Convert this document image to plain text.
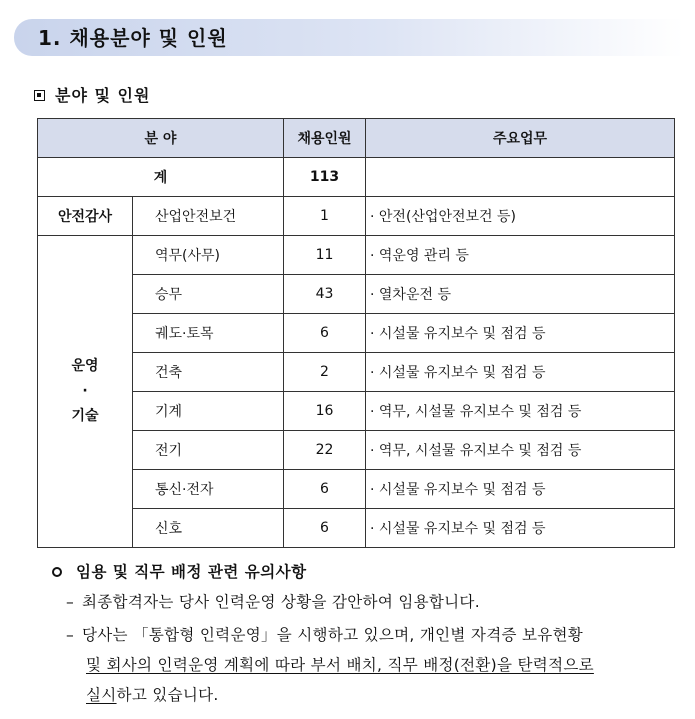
1. 채용분야 및 인원
분야 및 인원
분 야		채용인원	주요업무
계		113	
안전감사	산업안전보건	1	· 안전(산업안전보건 등)

운영
·
기술	역무(사무)	11	· 역운영 관리 등
	승무	43	· 열차운전 등
	궤도·토목	6	· 시설물 유지보수 및 점검 등
	건축	2	· 시설물 유지보수 및 점검 등
	기계	16	· 역무, 시설물 유지보수 및 점검 등
	전기	22	· 역무, 시설물 유지보수 및 점검 등
	통신·전자	6	· 시설물 유지보수 및 점검 등
	신호	6	· 시설물 유지보수 및 점검 등
임용 및 직무 배정 관련 유의사항
– 최종합격자는 당사 인력운영 상황을 감안하여 임용합니다.
– 당사는 「통합형 인력운영」을 시행하고 있으며, 개인별 자격증 보유현황
및 회사의 인력운영 계획에 따라 부서 배치, 직무 배정(전환)을 탄력적으로
실시하고 있습니다.
